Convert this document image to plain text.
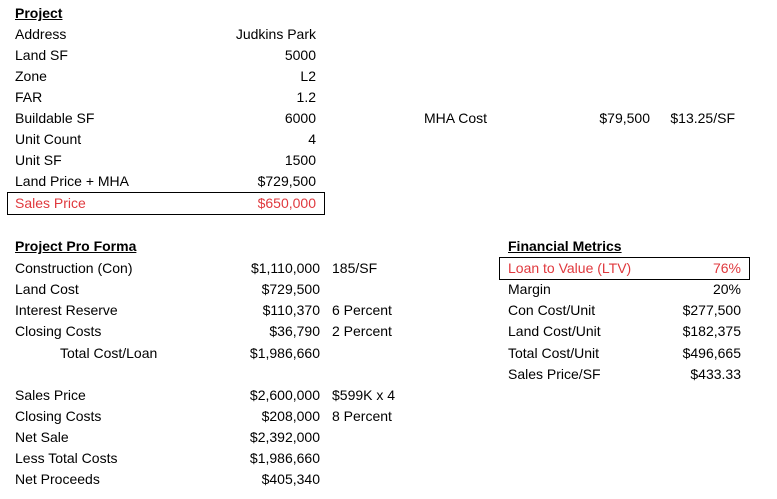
Project
Address	Judkins Park
Land SF	5000
Zone	L2
FAR	1.2
Buildable SF	6000
Unit Count	4
Unit SF	1500
Land Price + MHA	$729,500
Sales Price	$650,000
MHA Cost	$79,500 $13.25/SF
Project Pro Forma
Construction (Con)	$1,110,000 185/SF
Land Cost	$729,500
Interest Reserve	$110,370 6 Percent
Closing Costs	$36,790 2 Percent
Total Cost/Loan	$1,986,660
Sales Price	$2,600,000 $599K x 4
Closing Costs	$208,000 8 Percent
Net Sale	$2,392,000
Less Total Costs	$1,986,660
Net Proceeds	$405,340
Financial Metrics
Loan to Value (LTV)	76%
Margin	20%
Con Cost/Unit	$277,500
Land Cost/Unit	$182,375
Total Cost/Unit	$496,665
Sales Price/SF	$433.33
